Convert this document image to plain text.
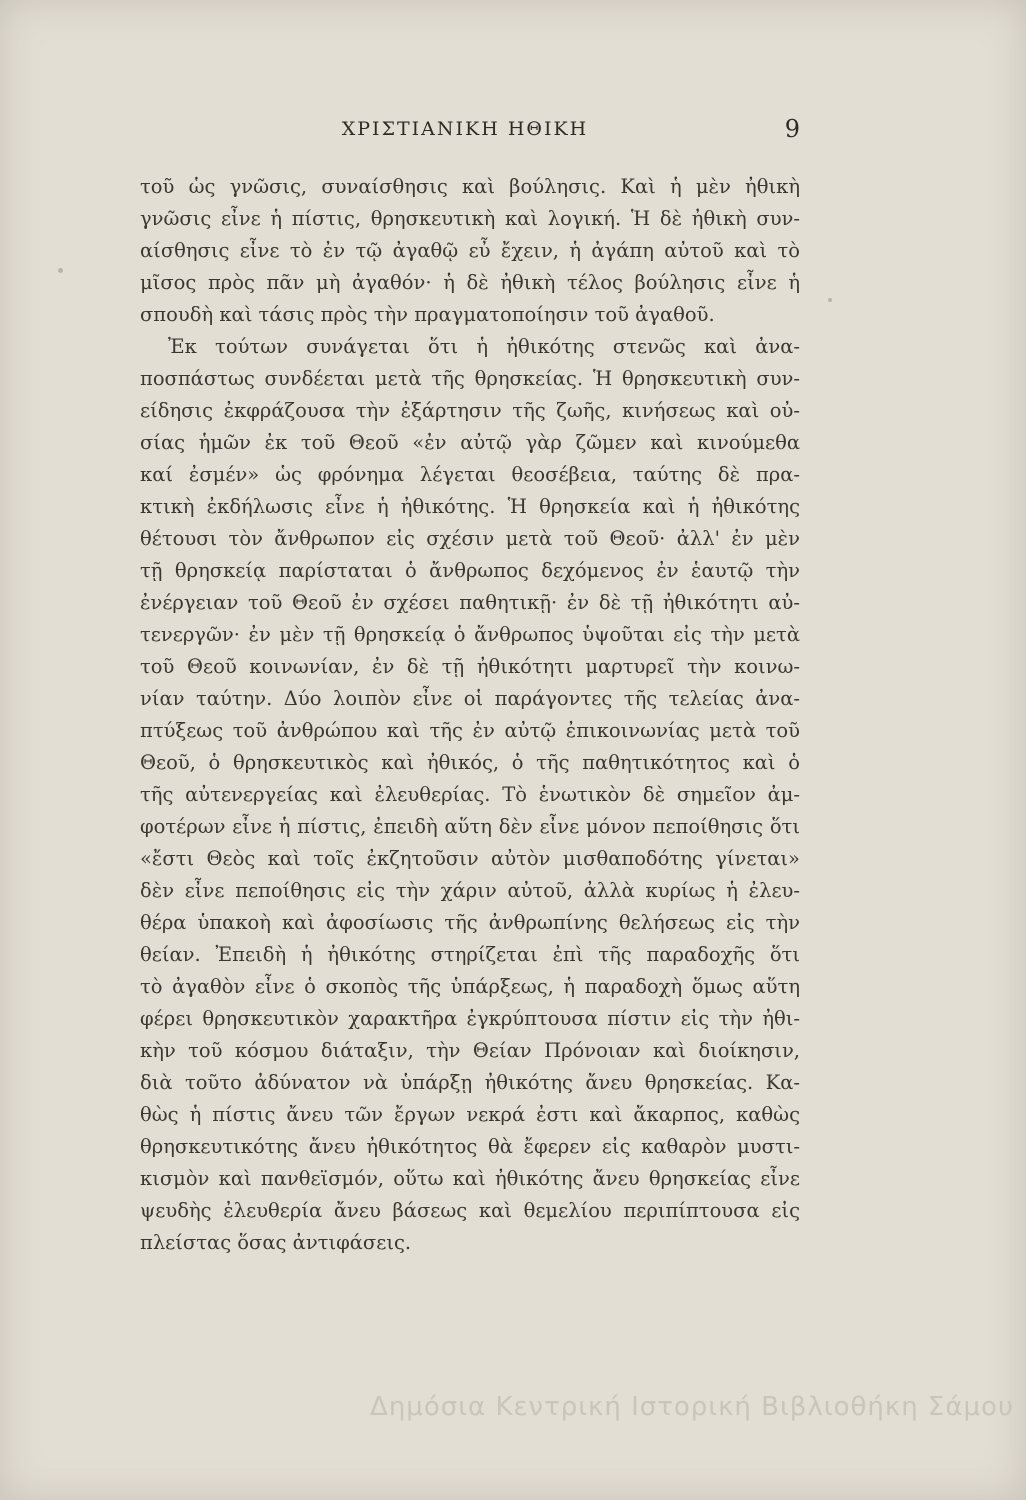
ΧΡΙΣΤΙΑΝΙΚΗ ΗΘΙΚΗ	9
τοῦ ὡς γνῶσις, συναίσθησις καὶ βούλησις. Καὶ ἡ μὲν ἠθικὴ
γνῶσις εἶνε ἡ πίστις, θρησκευτικὴ καὶ λογική. Ἡ δὲ ἠθικὴ συν-
αίσθησις εἶνε τὸ ἐν τῷ ἀγαθῷ εὖ ἔχειν, ἡ ἀγάπη αὐτοῦ καὶ τὸ
μῖσος πρὸς πᾶν μὴ ἀγαθόν· ἡ δὲ ἠθικὴ τέλος βούλησις εἶνε ἡ
σπουδὴ καὶ τάσις πρὸς τὴν πραγματοποίησιν τοῦ ἀγαθοῦ.
Ἐκ τούτων συνάγεται ὅτι ἡ ἠθικότης στενῶς καὶ ἀνα-
ποσπάστως συνδέεται μετὰ τῆς θρησκείας. Ἡ θρησκευτικὴ συν-
είδησις ἐκφράζουσα τὴν ἐξάρτησιν τῆς ζωῆς, κινήσεως καὶ οὐ-
σίας ἡμῶν ἐκ τοῦ Θεοῦ «ἐν αὐτῷ γὰρ ζῶμεν καὶ κινούμεθα
καί ἐσμέν» ὡς φρόνημα λέγεται θεοσέβεια, ταύτης δὲ πρα-
κτικὴ ἐκδήλωσις εἶνε ἡ ἠθικότης. Ἡ θρησκεία καὶ ἡ ἠθικότης
θέτουσι τὸν ἄνθρωπον εἰς σχέσιν μετὰ τοῦ Θεοῦ· ἀλλ' ἐν μὲν
τῇ θρησκείᾳ παρίσταται ὁ ἄνθρωπος δεχόμενος ἐν ἑαυτῷ τὴν
ἐνέργειαν τοῦ Θεοῦ ἐν σχέσει παθητικῇ· ἐν δὲ τῇ ἠθικότητι αὐ-
τενεργῶν· ἐν μὲν τῇ θρησκείᾳ ὁ ἄνθρωπος ὑψοῦται εἰς τὴν μετὰ
τοῦ Θεοῦ κοινωνίαν, ἐν δὲ τῇ ἠθικότητι μαρτυρεῖ τὴν κοινω-
νίαν ταύτην. Δύο λοιπὸν εἶνε οἱ παράγοντες τῆς τελείας ἀνα-
πτύξεως τοῦ ἀνθρώπου καὶ τῆς ἐν αὐτῷ ἐπικοινωνίας μετὰ τοῦ
Θεοῦ, ὁ θρησκευτικὸς καὶ ἠθικός, ὁ τῆς παθητικότητος καὶ ὁ
τῆς αὐτενεργείας καὶ ἐλευθερίας. Τὸ ἑνωτικὸν δὲ σημεῖον ἀμ-
φοτέρων εἶνε ἡ πίστις, ἐπειδὴ αὕτη δὲν εἶνε μόνον πεποίθησις ὅτι
«ἔστι Θεὸς καὶ τοῖς ἐκζητοῦσιν αὐτὸν μισθαποδότης γίνεται»
δὲν εἶνε πεποίθησις εἰς τὴν χάριν αὐτοῦ, ἀλλὰ κυρίως ἡ ἐλευ-
θέρα ὑπακοὴ καὶ ἀφοσίωσις τῆς ἀνθρωπίνης θελήσεως εἰς τὴν
θείαν. Ἐπειδὴ ἡ ἠθικότης στηρίζεται ἐπὶ τῆς παραδοχῆς ὅτι
τὸ ἀγαθὸν εἶνε ὁ σκοπὸς τῆς ὑπάρξεως, ἡ παραδοχὴ ὅμως αὕτη
φέρει θρησκευτικὸν χαρακτῆρα ἐγκρύπτουσα πίστιν εἰς τὴν ἠθι-
κὴν τοῦ κόσμου διάταξιν, τὴν Θείαν Πρόνοιαν καὶ διοίκησιν,
διὰ τοῦτο ἀδύνατον νὰ ὑπάρξῃ ἠθικότης ἄνευ θρησκείας. Κα-
θὼς ἡ πίστις ἄνευ τῶν ἔργων νεκρά ἐστι καὶ ἄκαρπος, καθὼς
θρησκευτικότης ἄνευ ἠθικότητος θὰ ἔφερεν εἰς καθαρὸν μυστι-
κισμὸν καὶ πανθεϊσμόν, οὕτω καὶ ἠθικότης ἄνευ θρησκείας εἶνε
ψευδὴς ἐλευθερία ἄνευ βάσεως καὶ θεμελίου περιπίπτουσα εἰς
πλείστας ὅσας ἀντιφάσεις.
Δημόσια Κεντρική Ιστορική Βιβλιοθήκη Σάμου
